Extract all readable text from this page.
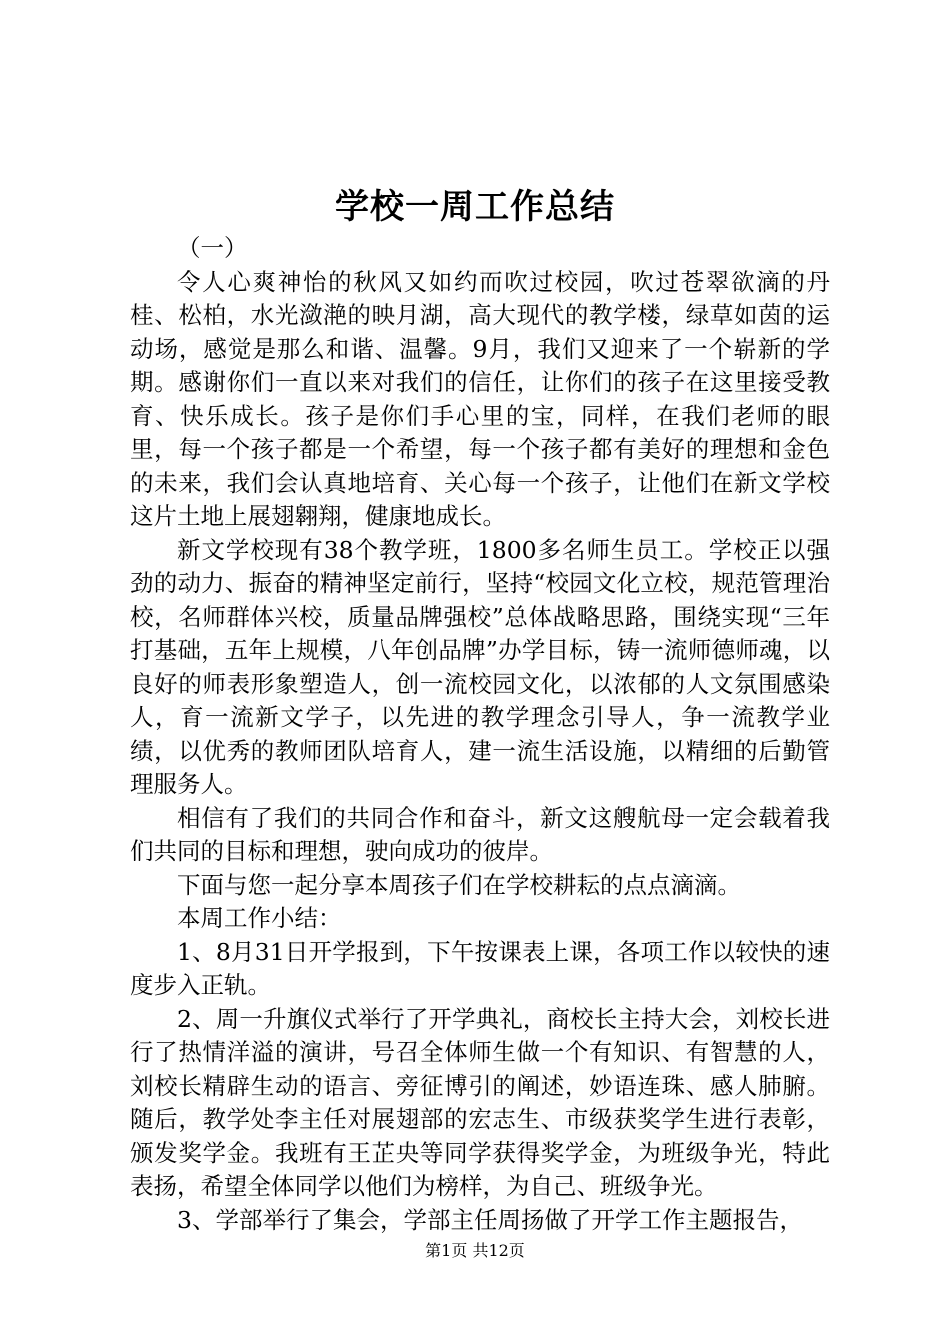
学校一周工作总结

（一）

令人心爽神怡的秋风又如约而吹过校园，吹过苍翠欲滴的丹桂、松柏，水光潋滟的映月湖，高大现代的教学楼，绿草如茵的运动场，感觉是那么和谐、温馨。9月，我们又迎来了一个崭新的学期。感谢你们一直以来对我们的信任，让你们的孩子在这里接受教育、快乐成长。孩子是你们手心里的宝，同样，在我们老师的眼里，每一个孩子都是一个希望，每一个孩子都有美好的理想和金色的未来，我们会认真地培育、关心每一个孩子，让他们在新文学校这片土地上展翅翱翔，健康地成长。

新文学校现有38个教学班，1800多名师生员工。学校正以强劲的动力、振奋的精神坚定前行，坚持“校园文化立校，规范管理治校，名师群体兴校，质量品牌强校”总体战略思路，围绕实现“三年打基础，五年上规模，八年创品牌”办学目标，铸一流师德师魂，以良好的师表形象塑造人，创一流校园文化，以浓郁的人文氛围感染人，育一流新文学子，以先进的教学理念引导人，争一流教学业绩，以优秀的教师团队培育人，建一流生活设施，以精细的后勤管理服务人。

相信有了我们的共同合作和奋斗，新文这艘航母一定会载着我们共同的目标和理想，驶向成功的彼岸。

下面与您一起分享本周孩子们在学校耕耘的点点滴滴。

本周工作小结：

1、8月31日开学报到，下午按课表上课，各项工作以较快的速度步入正轨。

2、周一升旗仪式举行了开学典礼，商校长主持大会，刘校长进行了热情洋溢的演讲，号召全体师生做一个有知识、有智慧的人，刘校长精辟生动的语言、旁征博引的阐述，妙语连珠、感人肺腑。随后，教学处李主任对展翅部的宏志生、市级获奖学生进行表彰，颁发奖学金。我班有王芷央等同学获得奖学金，为班级争光，特此表扬，希望全体同学以他们为榜样，为自己、班级争光。

3、学部举行了集会，学部主任周扬做了开学工作主题报告，

第1页 共12页
